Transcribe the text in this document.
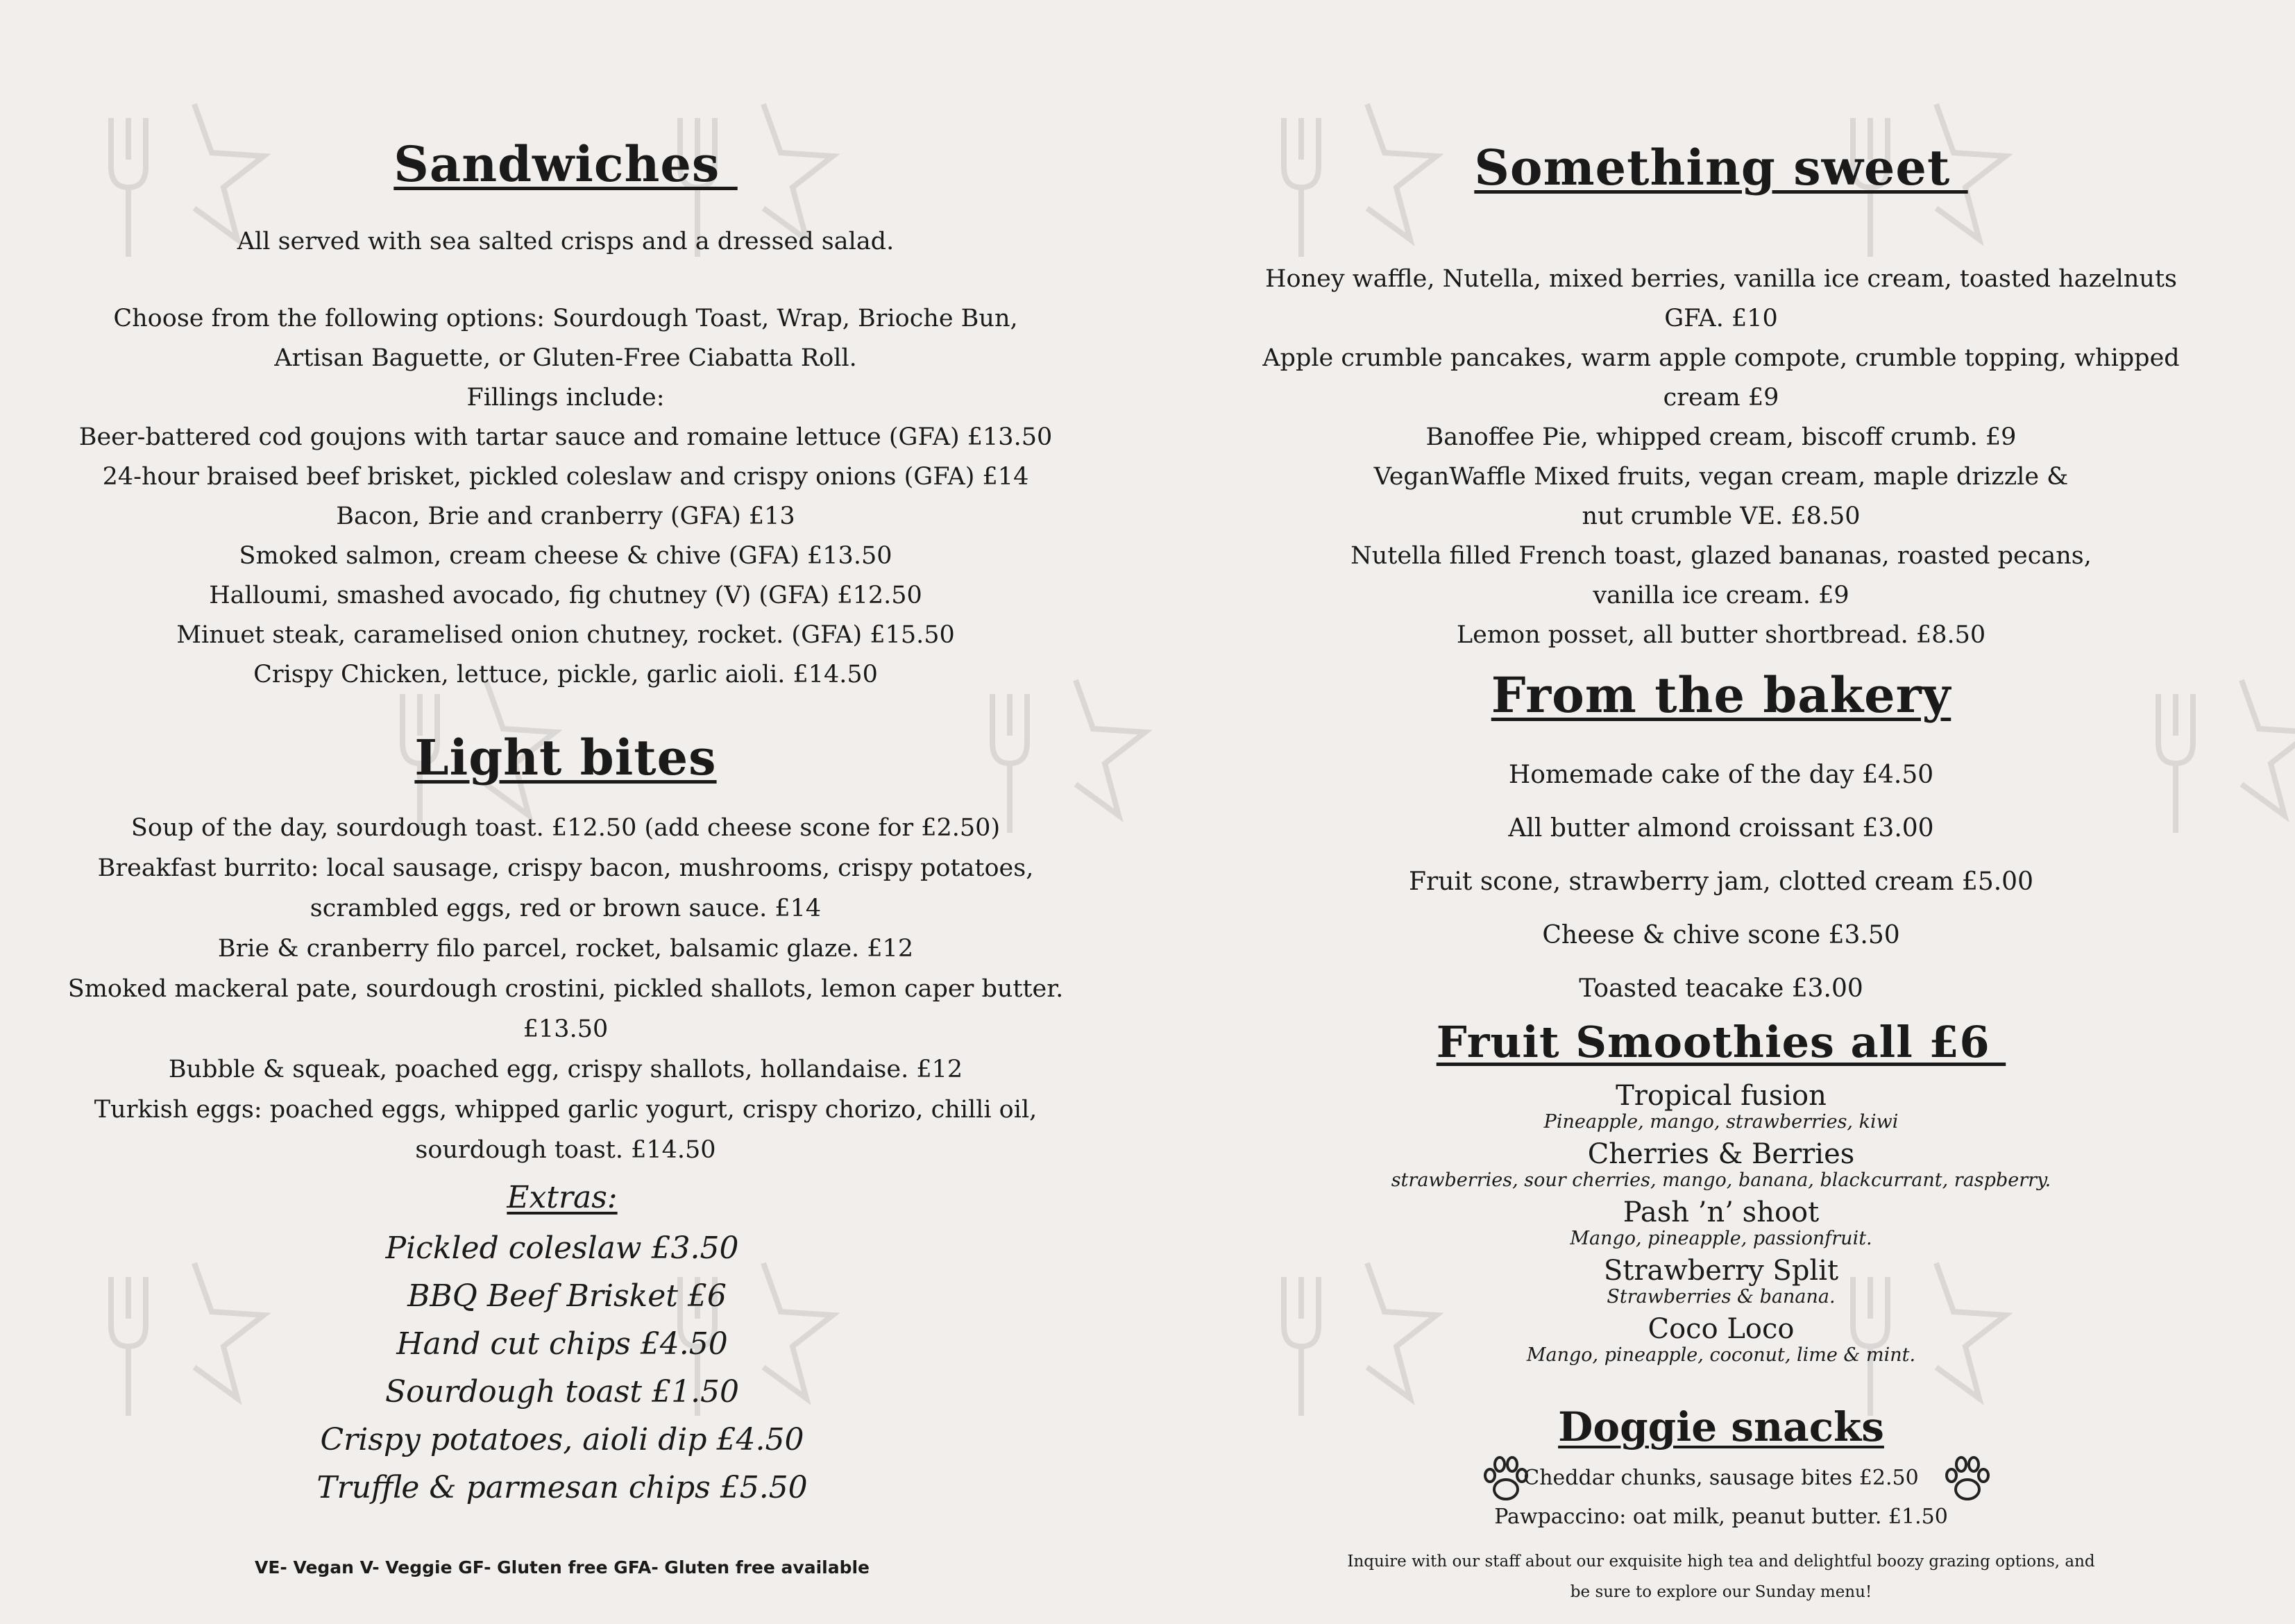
Sandwiches
All served with sea salted crisps and a dressed salad.
Choose from the following options: Sourdough Toast, Wrap, Brioche Bun,
Artisan Baguette, or Gluten-Free Ciabatta Roll.
Fillings include:
Beer-battered cod goujons with tartar sauce and romaine lettuce (GFA) £13.50
24-hour braised beef brisket, pickled coleslaw and crispy onions (GFA) £14
Bacon, Brie and cranberry (GFA) £13
Smoked salmon, cream cheese & chive (GFA) £13.50
Halloumi, smashed avocado, fig chutney (V) (GFA) £12.50
Minuet steak, caramelised onion chutney, rocket. (GFA) £15.50
Crispy Chicken, lettuce, pickle, garlic aioli. £14.50
Light bites
Soup of the day, sourdough toast. £12.50 (add cheese scone for £2.50)
Breakfast burrito: local sausage, crispy bacon, mushrooms, crispy potatoes,
scrambled eggs, red or brown sauce. £14
Brie & cranberry filo parcel, rocket, balsamic glaze. £12
Smoked mackeral pate, sourdough crostini, pickled shallots, lemon caper butter.
£13.50
Bubble & squeak, poached egg, crispy shallots, hollandaise. £12
Turkish eggs: poached eggs, whipped garlic yogurt, crispy chorizo, chilli oil,
sourdough toast. £14.50
Extras:
Pickled coleslaw £3.50
BBQ Beef Brisket £6
Hand cut chips £4.50
Sourdough toast £1.50
Crispy potatoes, aioli dip £4.50
Truffle & parmesan chips £5.50
VE- Vegan V- Veggie GF- Gluten free GFA- Gluten free available
Something sweet
Honey waffle, Nutella, mixed berries, vanilla ice cream, toasted hazelnuts
GFA. £10
Apple crumble pancakes, warm apple compote, crumble topping, whipped
cream £9
Banoffee Pie, whipped cream, biscoff crumb. £9
VeganWaffle Mixed fruits, vegan cream, maple drizzle &
nut crumble VE. £8.50
Nutella filled French toast, glazed bananas, roasted pecans,
vanilla ice cream. £9
Lemon posset, all butter shortbread. £8.50
From the bakery
Homemade cake of the day £4.50
All butter almond croissant £3.00
Fruit scone, strawberry jam, clotted cream £5.00
Cheese & chive scone £3.50
Toasted teacake £3.00
Fruit Smoothies all £6
Tropical fusion
Pineapple, mango, strawberries, kiwi
Cherries & Berries
strawberries, sour cherries, mango, banana, blackcurrant, raspberry.
Pash ’n’ shoot
Mango, pineapple, passionfruit.
Strawberry Split
Strawberries & banana.
Coco Loco
Mango, pineapple, coconut, lime & mint.
Doggie snacks
Cheddar chunks, sausage bites £2.50
Pawpaccino: oat milk, peanut butter. £1.50
Inquire with our staff about our exquisite high tea and delightful boozy grazing options, and
be sure to explore our Sunday menu!
